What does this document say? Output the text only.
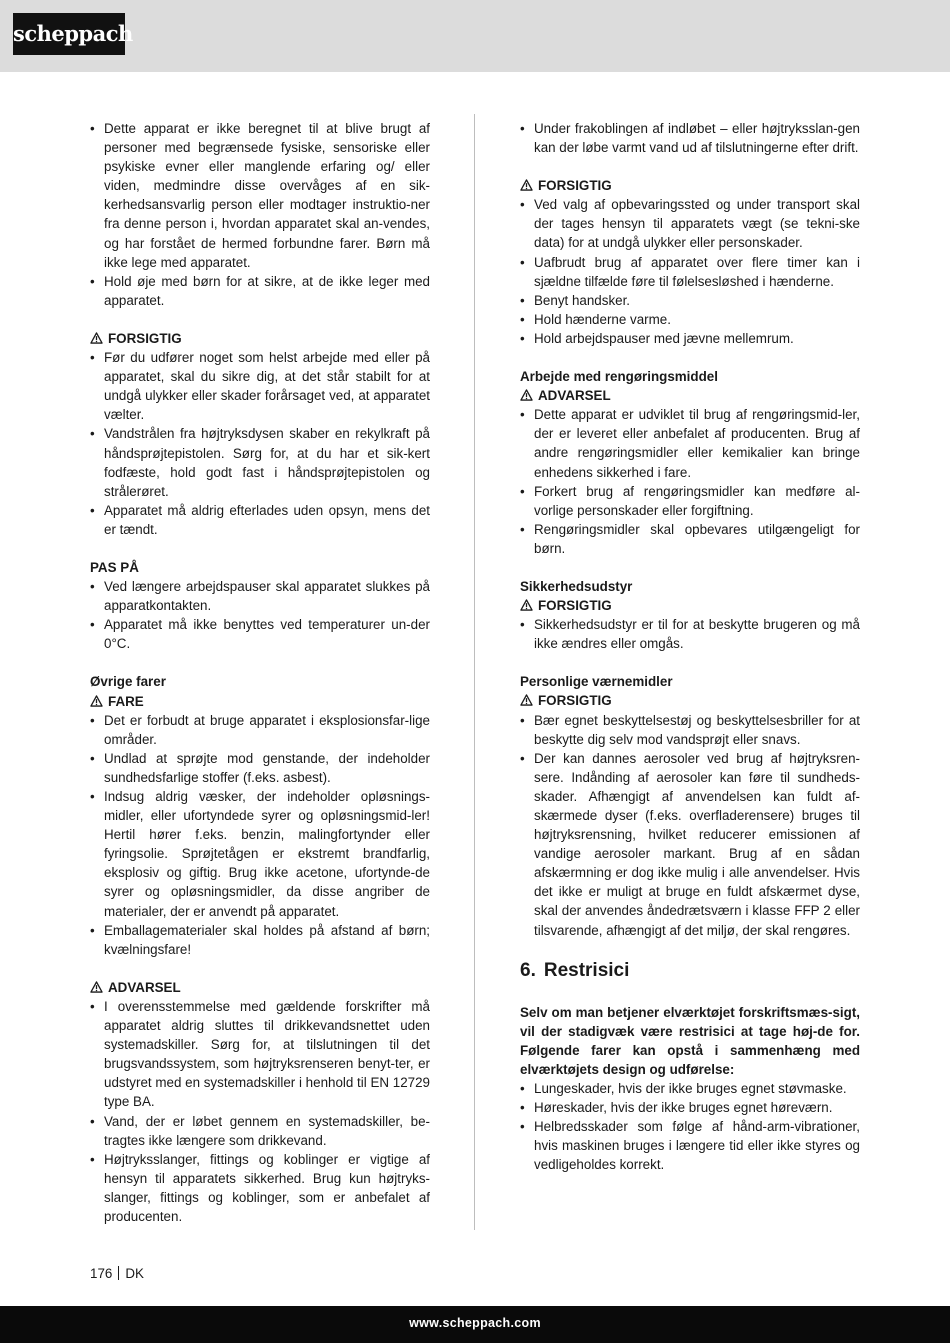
scheppach
• Dette apparat er ikke beregnet til at blive brugt af personer med begrænsede fysiske, sensoriske eller psykiske evner eller manglende erfaring og/ eller viden, medmindre disse overvåges af en sik-kerhedsansvarlig person eller modtager instruktio-ner fra denne person i, hvordan apparatet skal an-vendes, og har forstået de hermed forbundne farer. Børn må ikke lege med apparatet.
• Hold øje med børn for at sikre, at de ikke leger med apparatet.
FORSIGTIG
• Før du udfører noget som helst arbejde med eller på apparatet, skal du sikre dig, at det står stabilt for at undgå ulykker eller skader forårsaget ved, at apparatet vælter.
• Vandstrålen fra højtryksdysen skaber en rekylkraft på håndsprøjtepistolen. Sørg for, at du har et sik-kert fodfæste, hold godt fast i håndsprøjtepistolen og strålerøret.
• Apparatet må aldrig efterlades uden opsyn, mens det er tændt.
PAS PÅ
• Ved længere arbejdspauser skal apparatet slukkes på apparatkontakten.
• Apparatet må ikke benyttes ved temperaturer un-der 0°C.
Øvrige farer
FARE
• Det er forbudt at bruge apparatet i eksplosionsfar-lige områder.
• Undlad at sprøjte mod genstande, der indeholder sundhedsfarlige stoffer (f.eks. asbest).
• Indsug aldrig væsker, der indeholder opløsnings-midler, eller ufortyndede syrer og opløsningsmid-ler! Hertil hører f.eks. benzin, malingfortynder eller fyringsolie. Sprøjtetågen er ekstremt brandfarlig, eksplosiv og giftig. Brug ikke acetone, ufortynde-de syrer og opløsningsmidler, da disse angriber de materialer, der er anvendt på apparatet.
• Emballagematerialer skal holdes på afstand af børn; kvælningsfare!
ADVARSEL
• I overensstemmelse med gældende forskrifter må apparatet aldrig sluttes til drikkevandsnettet uden systemadskiller. Sørg for, at tilslutningen til det brugsvandssystem, som højtryksrenseren benyt-ter, er udstyret med en systemadskiller i henhold til EN 12729 type BA.
• Vand, der er løbet gennem en systemadskiller, be-tragtes ikke længere som drikkevand.
• Højtryksslanger, fittings og koblinger er vigtige af hensyn til apparatets sikkerhed. Brug kun højtryks-slanger, fittings og koblinger, som er anbefalet af producenten.
• Under frakoblingen af indløbet – eller højtryksslan-gen kan der løbe varmt vand ud af tilslutningerne efter drift.
FORSIGTIG
• Ved valg af opbevaringssted og under transport skal der tages hensyn til apparatets vægt (se tekni-ske data) for at undgå ulykker eller personskader.
• Uafbrudt brug af apparatet over flere timer kan i sjældne tilfælde føre til følelsesløshed i hænderne.
• Benyt handsker.
• Hold hænderne varme.
• Hold arbejdspauser med jævne mellemrum.
Arbejde med rengøringsmiddel
ADVARSEL
• Dette apparat er udviklet til brug af rengøringsmid-ler, der er leveret eller anbefalet af producenten. Brug af andre rengøringsmidler eller kemikalier kan bringe enhedens sikkerhed i fare.
• Forkert brug af rengøringsmidler kan medføre al-vorlige personskader eller forgiftning.
• Rengøringsmidler skal opbevares utilgængeligt for børn.
Sikkerhedsudstyr
FORSIGTIG
• Sikkerhedsudstyr er til for at beskytte brugeren og må ikke ændres eller omgås.
Personlige værnemidler
FORSIGTIG
• Bær egnet beskyttelsestøj og beskyttelsesbriller for at beskytte dig selv mod vandsprøjt eller snavs.
• Der kan dannes aerosoler ved brug af højtryksren-sere. Indånding af aerosoler kan føre til sundheds-skader. Afhængigt af anvendelsen kan fuldt af-skærmede dyser (f.eks. overfladerensere) bruges til højtryksrensning, hvilket reducerer emissionen af vandige aerosoler markant. Brug af en sådan afskærmning er dog ikke mulig i alle anvendelser. Hvis det ikke er muligt at bruge en fuldt afskærmet dyse, skal der anvendes åndedrætsværn i klasse FFP 2 eller tilsvarende, afhængigt af det miljø, der skal rengøres.
6. Restrisici
Selv om man betjener elværktøjet forskriftsmæs-sigt, vil der stadigvæk være restrisici at tage høj-de for. Følgende farer kan opstå i sammenhæng med elværktøjets design og udførelse:
• Lungeskader, hvis der ikke bruges egnet støvmaske.
• Høreskader, hvis der ikke bruges egnet høreværn.
• Helbredsskader som følge af hånd-arm-vibrationer, hvis maskinen bruges i længere tid eller ikke styres og vedligeholdes korrekt.
176 DK
www.scheppach.com
